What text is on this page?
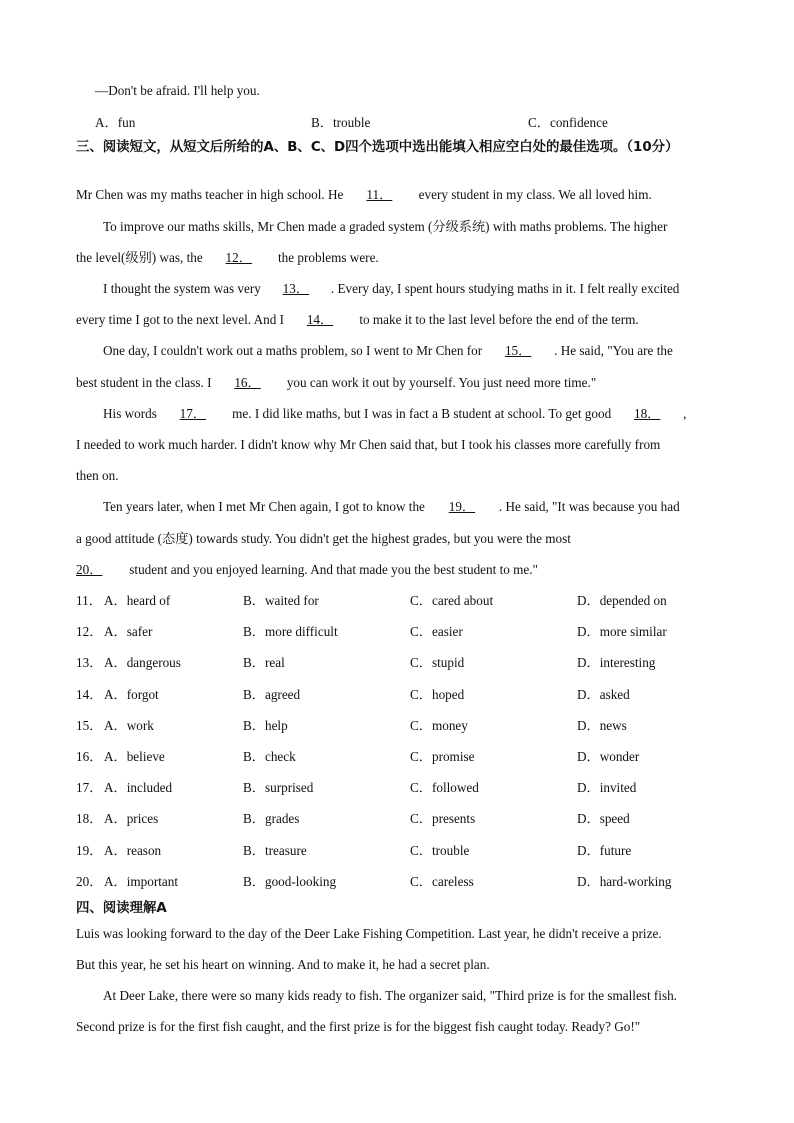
—Don't be afraid. I'll help you.
A．fun	B．trouble	C．confidence
三、阅读短文，从短文后所给的A、B、C、D四个选项中选出能填入相应空白处的最佳选项。（10分）
Mr Chen was my maths teacher in high school. He 11． every student in my class. We all loved him.
To improve our maths skills, Mr Chen made a graded system (分级系统) with maths problems. The higher
the level(级别) was, the 12． the problems were.
I thought the system was very 13． . Every day, I spent hours studying maths in it. I felt really excited
every time I got to the next level. And I 14． to make it to the last level before the end of the term.
One day, I couldn't work out a maths problem, so I went to Mr Chen for 15． . He said, "You are the
best student in the class. I 16． you can work it out by yourself. You just need more time."
His words 17． me. I did like maths, but I was in fact a B student at school. To get good 18． ,
I needed to work much harder. I didn't know why Mr Chen said that, but I took his classes more carefully from
then on.
Ten years later, when I met Mr Chen again, I got to know the 19． . He said, "It was because you had
a good attitude (态度) towards study. You didn't get the highest grades, but you were the most
20． student and you enjoyed learning. And that made you the best student to me."
11． A．heard of	B．waited for	C．cared about	D．depended on
12． A．safer	B．more difficult	C．easier	D．more similar
13． A．dangerous	B．real	C．stupid	D．interesting
14． A．forgot	B．agreed	C．hoped	D．asked
15． A．work	B．help	C．money	D．news
16． A．believe	B．check	C．promise	D．wonder
17． A．included	B．surprised	C．followed	D．invited
18． A．prices	B．grades	C．presents	D．speed
19． A．reason	B．treasure	C．trouble	D．future
20． A．important	B．good-looking	C．careless	D．hard-working
四、阅读理解A
Luis was looking forward to the day of the Deer Lake Fishing Competition. Last year, he didn't receive a prize.
But this year, he set his heart on winning. And to make it, he had a secret plan.
At Deer Lake, there were so many kids ready to fish. The organizer said, "Third prize is for the smallest fish.
Second prize is for the first fish caught, and the first prize is for the biggest fish caught today. Ready? Go!"
